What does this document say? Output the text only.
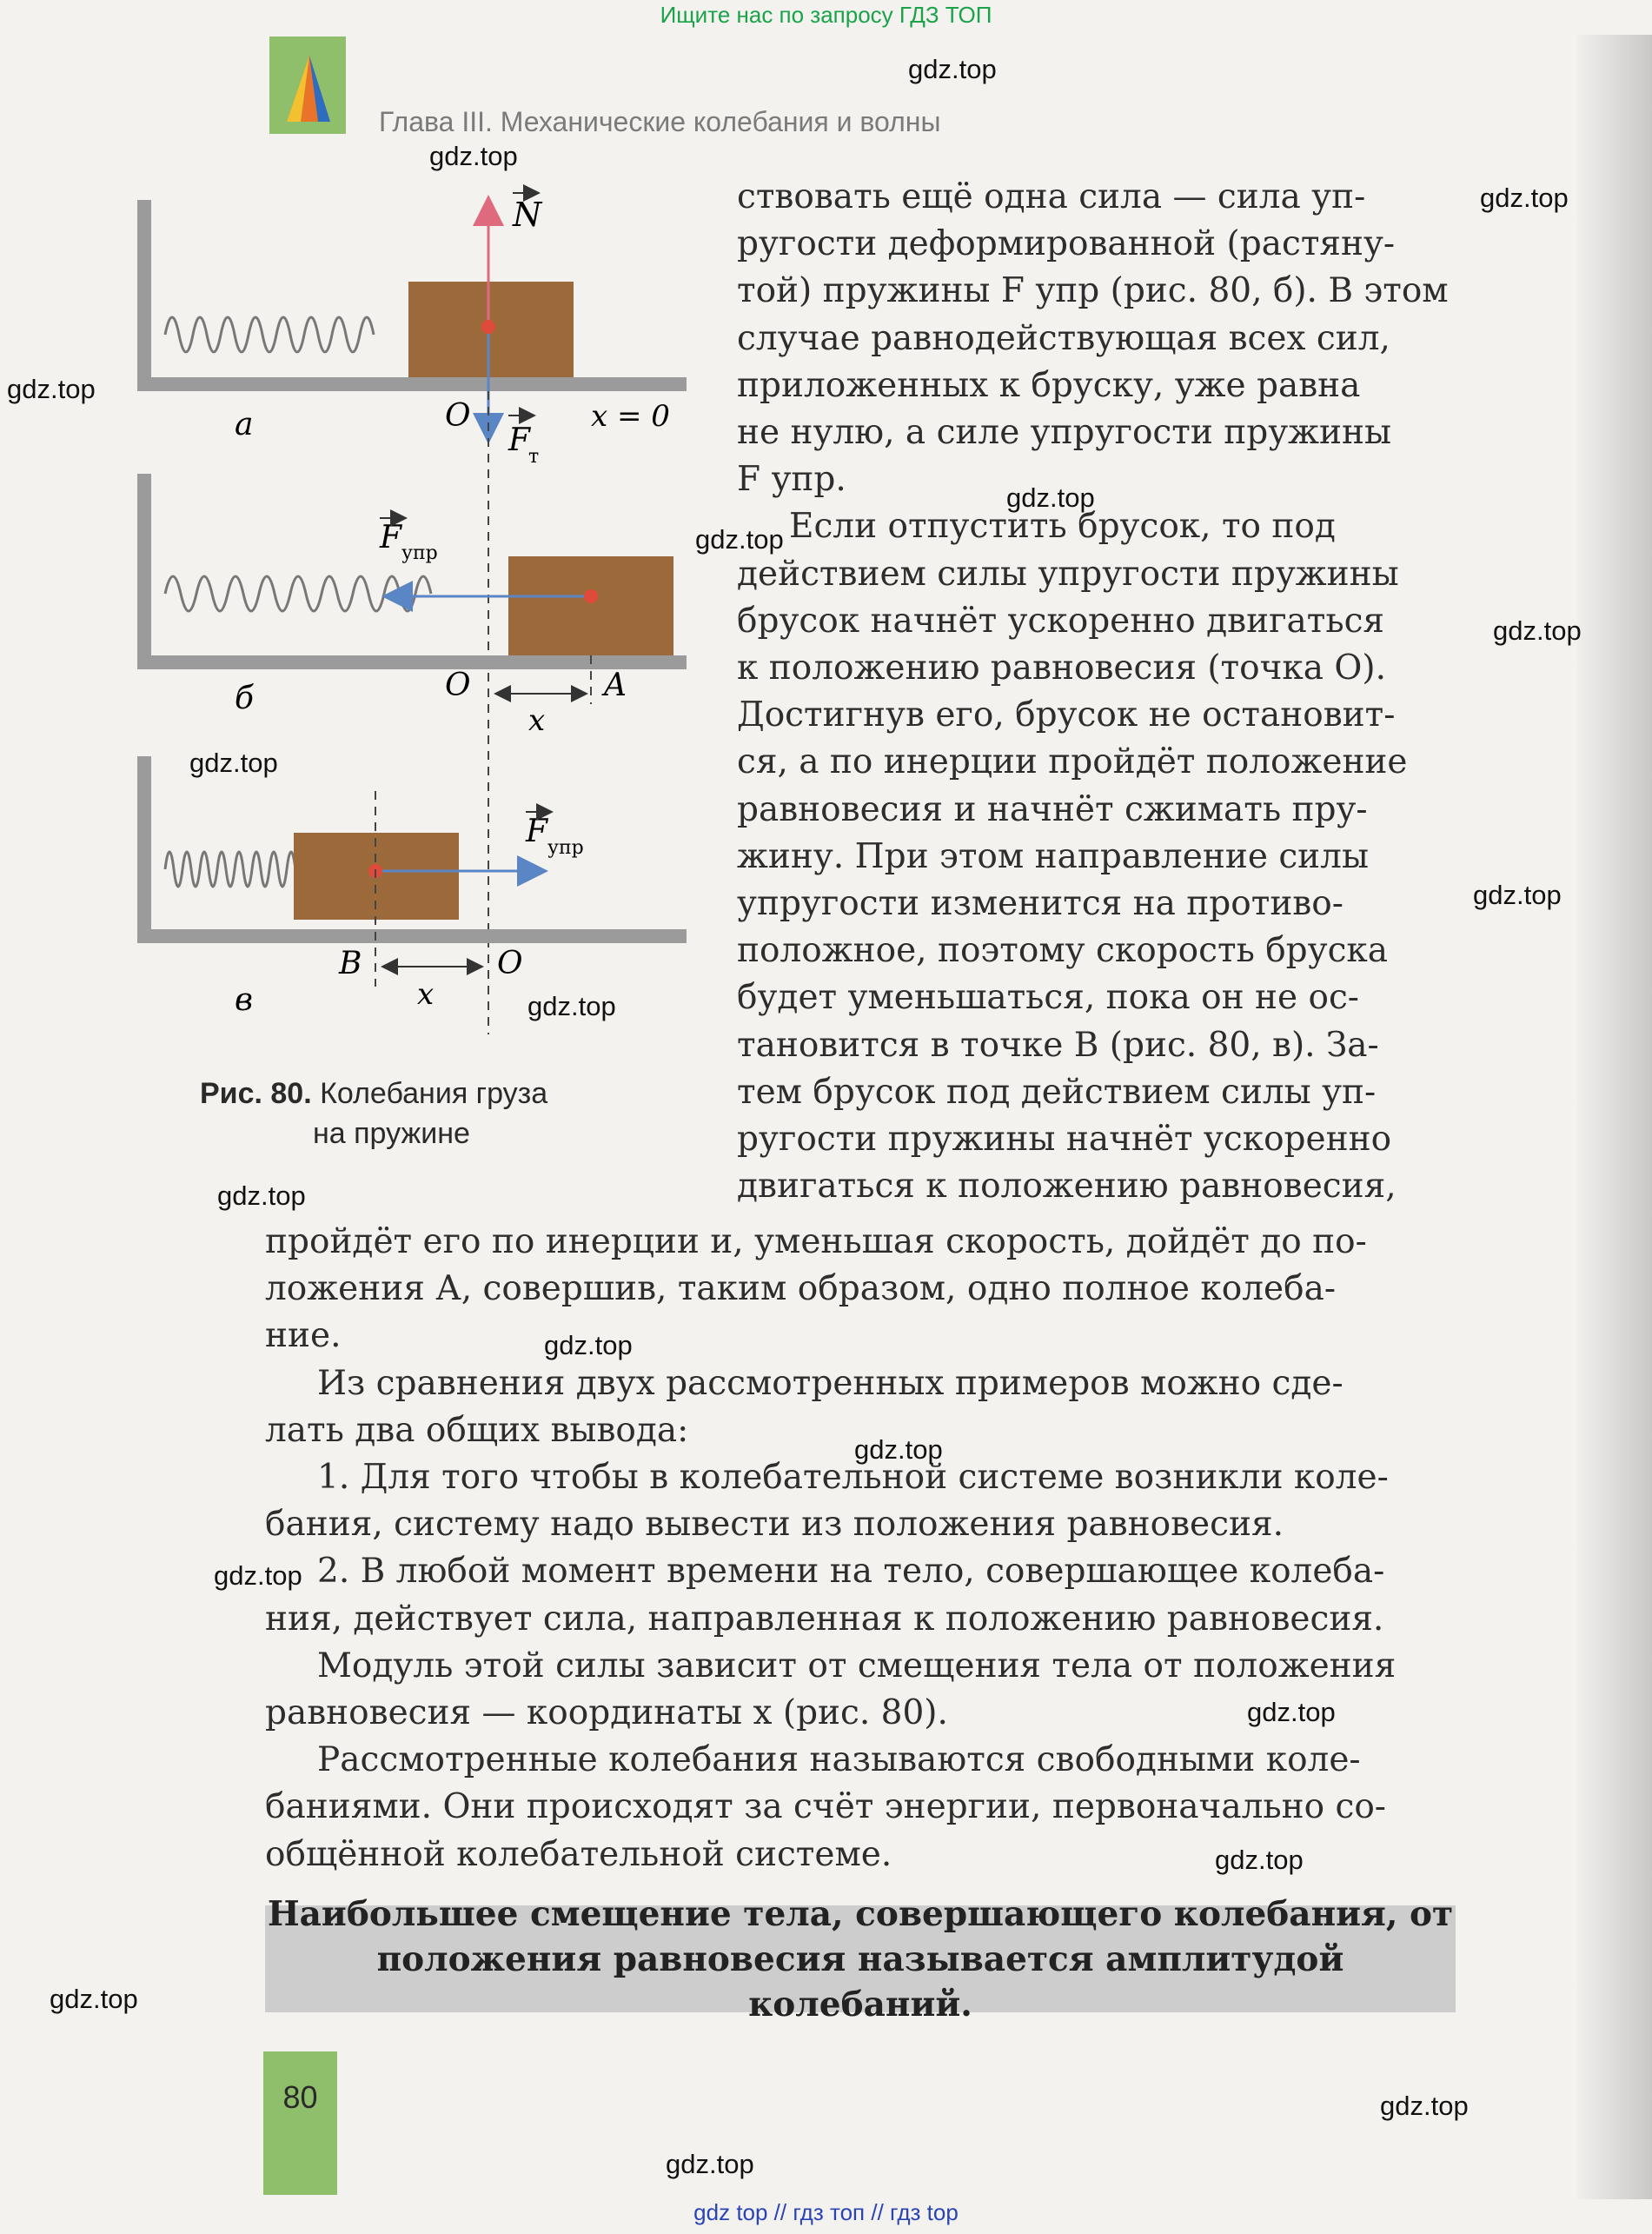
Ищите нас по запросу ГДЗ ТОП
Глава III. Механические колебания и волны
N
O	x = 0
F
т
а
F упр
O	A
x
б
F упр
B	O
x
в
Рис. 80. Колебания груза
на пружине

ствовать ещё одна сила — сила уп-

ругости деформированной (растяну-

той) пружины F упр (рис. 80, б). В этом

случае равнодействующая всех сил,

приложенных к бруску, уже равна

не нулю, а силе упругости пружины

F упр.

Если отпустить брусок, то под

действием силы упругости пружины

брусок начнёт ускоренно двигаться

к положению равновесия (точка О).

Достигнув его, брусок не остановит-

ся, а по инерции пройдёт положение

равновесия и начнёт сжимать пру-

жину. При этом направление силы

упругости изменится на противо-

положное, поэтому скорость бруска

будет уменьшаться, пока он не ос-

тановится в точке В (рис. 80, в). За-

тем брусок под действием силы уп-

ругости пружины начнёт ускоренно

двигаться к положению равновесия,

пройдёт его по инерции и, уменьшая скорость, дойдёт до по-

ложения А, совершив, таким образом, одно полное колеба-

ние.

Из сравнения двух рассмотренных примеров можно сде-

лать два общих вывода:

1. Для того чтобы в колебательной системе возникли коле-

бания, систему надо вывести из положения равновесия.

2. В любой момент времени на тело, совершающее колеба-

ния, действует сила, направленная к положению равновесия.

Модуль этой силы зависит от смещения тела от положения

равновесия — координаты x (рис. 80).

Рассмотренные колебания называются свободными коле-

баниями. Они происходят за счёт энергии, первоначально со-

общённой колебательной системе.

Наибольшее смещение тела, совершающего колебания, от положения равновесия называется амплитудой колебаний.
80
gdz.top
gdz.top
gdz.top
gdz.top
gdz.top
gdz.top
gdz.top
gdz.top
gdz.top
gdz.top
gdz.top
gdz.top
gdz.top
gdz.top
gdz.top
gdz.top
gdz.top
gdz.top
gdz.top
gdz top // гдз топ // гдз top
